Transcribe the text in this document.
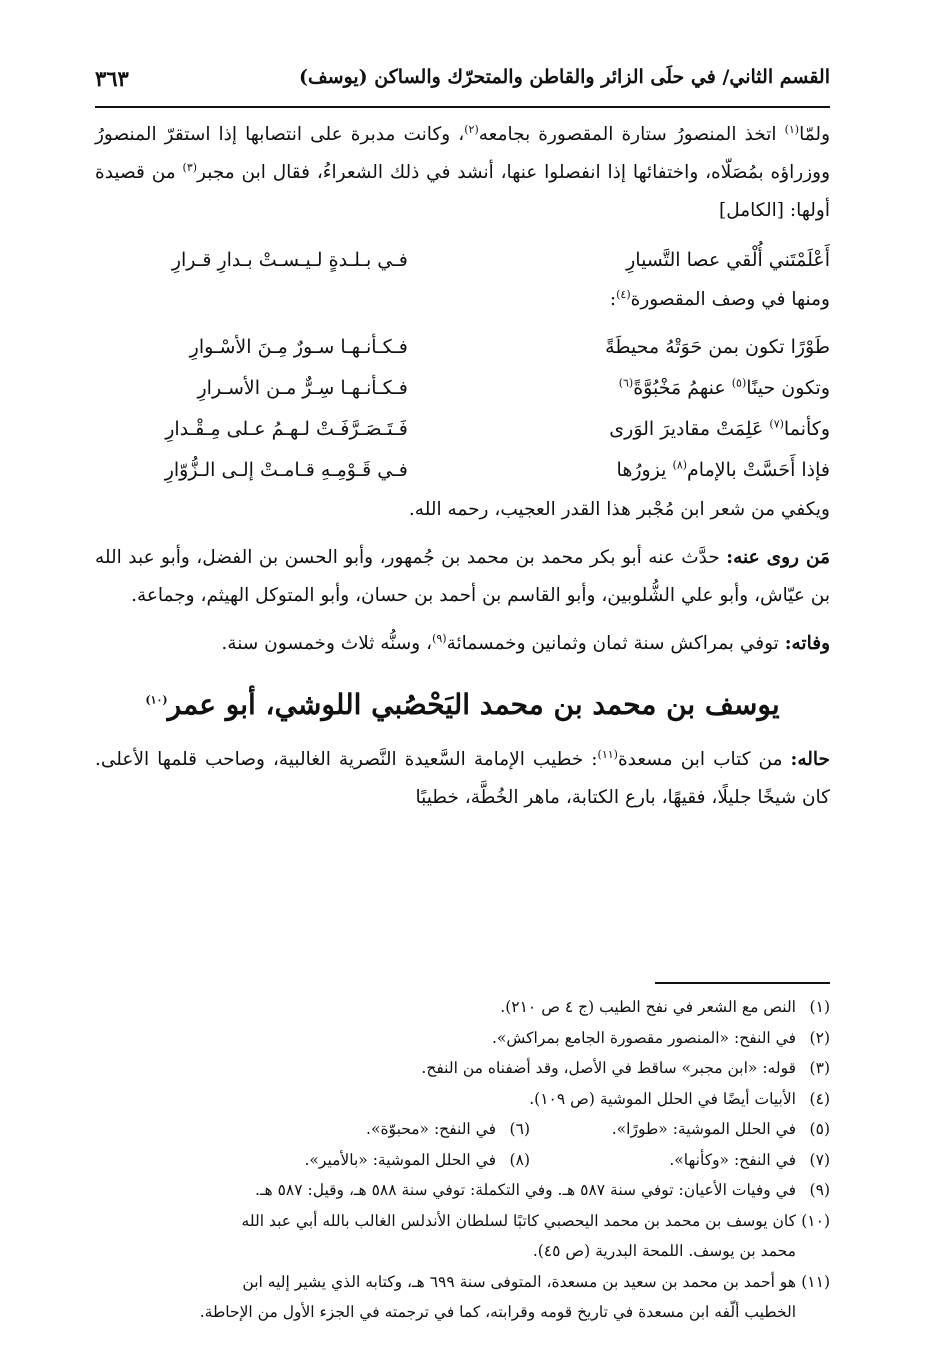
القسم الثاني/ في حلَى الزائر والقاطن والمتحرّك والساكن (يوسف)
٣٦٣

ولمّا$^{(١)}$ اتخذ المنصورُ ستارة المقصورة بجامعه$^{(٢)}$، وكانت مدبرة على انتصابها إذا استقرّ المنصورُ ووزراؤه بمُصَلّاه، واختفائها إذا انفصلوا عنها، أنشد في ذلك الشعراءُ، فقال ابن مجبر$^{(٣)}$ من قصيدة أولها: [الكامل]

أَعْلَمْتَني أُلْقي عصا التَّسيارِ
فـي بـلـدةٍ لـيـسـتْ بـدارِ قـرارِ

ومنها في وصف المقصورة$^{(٤)}$:

طَوْرًا تكون بمن حَوَتْهُ محيطَةً
فـكـأنـهـا سـورٌ مِـنَ الأسْـوارِ
وتكون حينًا$^{(٥)}$ عنهمُ مَخْبُوَّةً$^{(٦)}$
فـكـأنـهـا سِـرٌّ مـن الأسـرارِ
وكأنما$^{(٧)}$ عَلِمَتْ مقاديرَ الوَرى
فَـتَـصَـرَّفَـتْ لـهـمُ عـلى مِـقْـدارِ
فإذا أَحَسَّتْ بالإمام$^{(٨)}$ يزورُها
فـي قَـوْمِـهِ قـامـتْ إلـى الـزُّوّارِ

ويكفي من شعر ابن مُجْبر هذا القدر العجيب، رحمه الله.

مَن روى عنه: حدَّث عنه أبو بكر محمد بن محمد بن جُمهور، وأبو الحسن بن الفضل، وأبو عبد الله بن عيّاش، وأبو علي الشُّلوبين، وأبو القاسم بن أحمد بن حسان، وأبو المتوكل الهيثم، وجماعة.

وفاته: توفي بمراكش سنة ثمان وثمانين وخمسمائة$^{(٩)}$، وسنُّه ثلاث وخمسون سنة.

يوسف بن محمد بن محمد اليَحْصُبي اللوشي، أبو عمر$^{(١٠)}$

حاله: من كتاب ابن مسعدة$^{(١١)}$: خطيب الإمامة السَّعيدة النَّصرية الغالبية، وصاحب قلمها الأعلى. كان شيخًا جليلًا، فقيهًا، بارع الكتابة، ماهر الخُطَّة، خطيبًا

(١)النص مع الشعر في نفح الطيب (ج ٤ ص ٢١٠).
(٢)في النفح: «المنصور مقصورة الجامع بمراكش».
(٣)قوله: «ابن مجبر» ساقط في الأصل، وقد أضفناه من النفح.
(٤)الأبيات أيضًا في الحلل الموشية (ص ١٠٩).
(٥)في الحلل الموشية: «طورًا».
(٦)في النفح: «محبوّة».
(٧)في النفح: «وكأنها».
(٨)في الحلل الموشية: «بالأمير».
(٩)في وفيات الأعيان: توفي سنة ٥٨٧ هـ. وفي التكملة: توفي سنة ٥٨٨ هـ، وقيل: ٥٨٧ هـ.
(١٠)كان يوسف بن محمد بن محمد اليحصبي كاتبًا لسلطان الأندلس الغالب بالله أبي عبد الله
محمد بن يوسف. اللمحة البدرية (ص ٤٥).
(١١)هو أحمد بن محمد بن سعيد بن مسعدة، المتوفى سنة ٦٩٩ هـ، وكتابه الذي يشير إليه ابن
الخطيب ألّفه ابن مسعدة في تاريخ قومه وقرابته، كما في ترجمته في الجزء الأول من الإحاطة.
